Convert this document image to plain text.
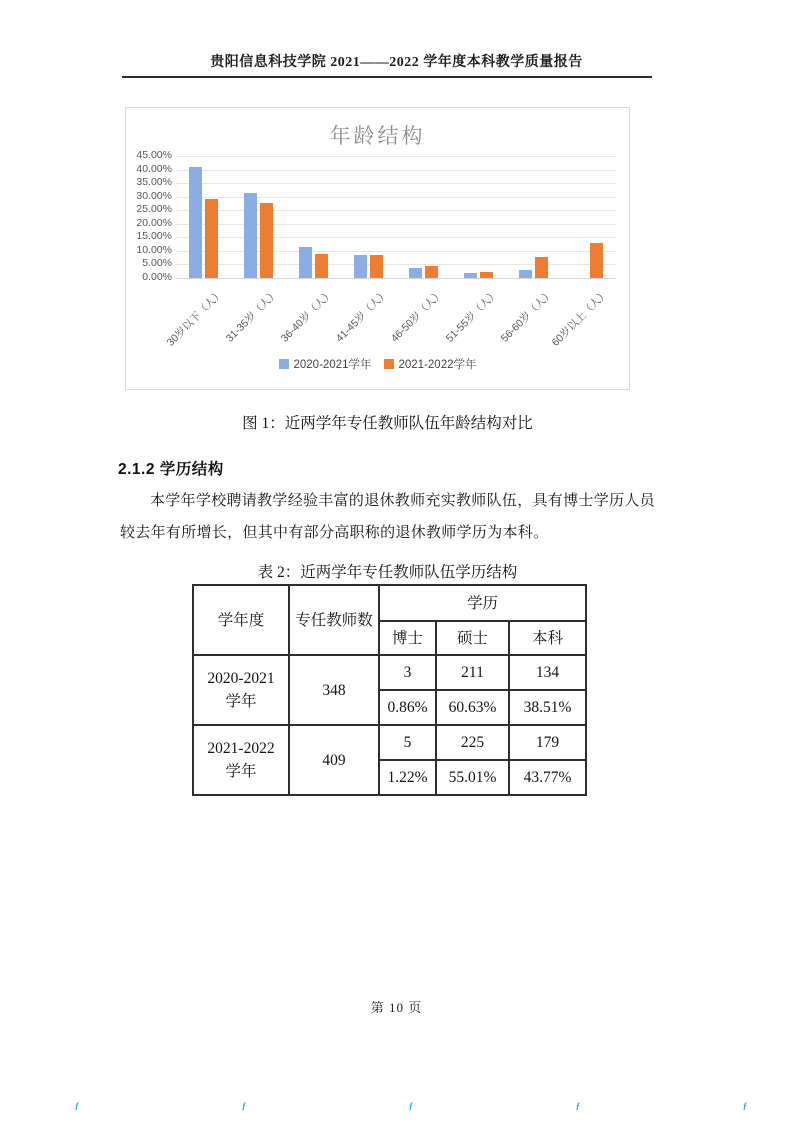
贵阳信息科技学院 2021——2022 学年度本科教学质量报告
年龄结构
0.00%
5.00%
10.00%
15.00%
20.00%
25.00%
30.00%
35.00%
40.00%
45.00%
30岁以下（人）
31-35岁（人）
36-40岁（人）
41-45岁（人）
46-50岁（人）
51-55岁（人）
56-60岁（人）
60岁以上（人）
2020-2021学年 2021-2022学年
图 1：近两学年专任教师队伍年龄结构对比
2.1.2 学历结构
本学年学校聘请教学经验丰富的退休教师充实教师队伍，具有博士学历人员
较去年有所增长，但其中有部分高职称的退休教师学历为本科。
表 2：近两学年专任教师队伍学历结构
学年度	专任教师数	学历		
		博士	硕士	本科
2020-2021 学年	348	3	211	134
		0.86%	60.63%	38.51%
2021-2022 学年	409	5	225	179
		1.22%	55.01%	43.77%
第 10 页
ƒ	ƒ	ƒ	ƒ	ƒ
